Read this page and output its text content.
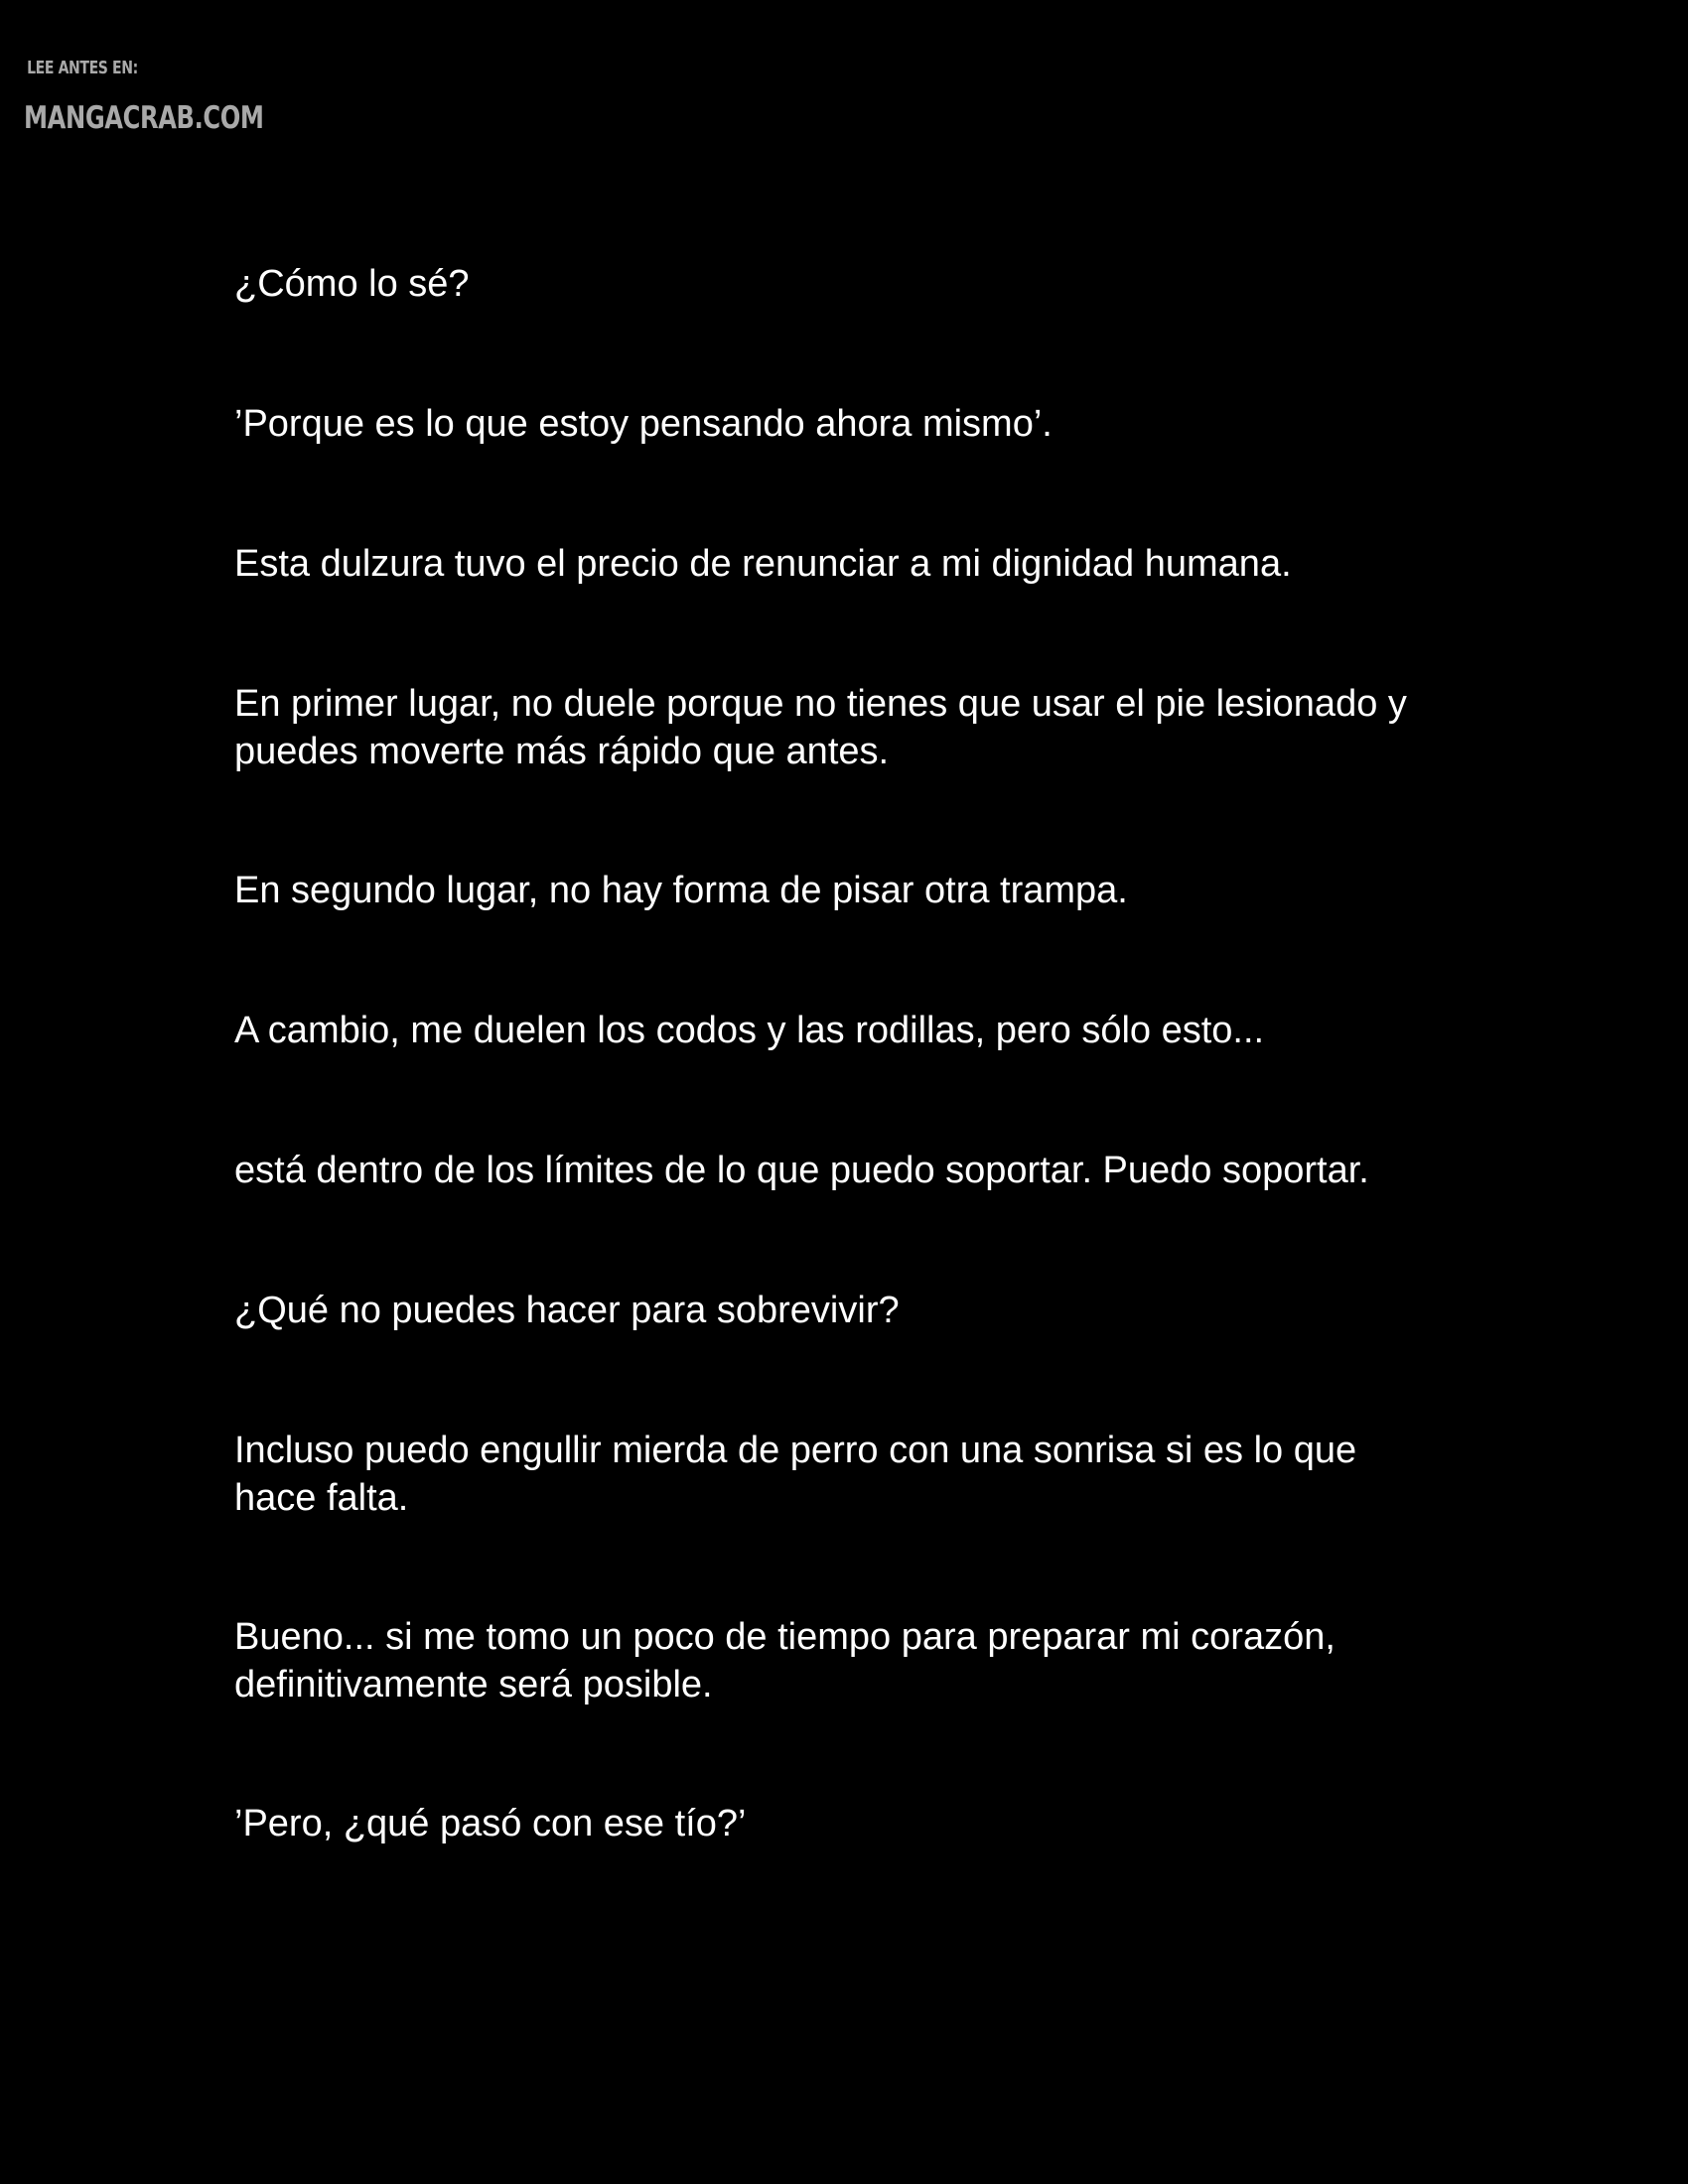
LEE ANTES EN:
MANGACRAB.COM

¿Cómo lo sé?

’Porque es lo que estoy pensando ahora mismo’.

Esta dulzura tuvo el precio de renunciar a mi dignidad humana.

En primer lugar, no duele porque no tienes que usar el pie lesionado y puedes moverte más rápido que antes.

En segundo lugar, no hay forma de pisar otra trampa.

A cambio, me duelen los codos y las rodillas, pero sólo esto...

está dentro de los límites de lo que puedo soportar. Puedo soportar.

¿Qué no puedes hacer para sobrevivir?

Incluso puedo engullir mierda de perro con una sonrisa si es lo que hace falta.

Bueno... si me tomo un poco de tiempo para preparar mi corazón, definitivamente será posible.

’Pero, ¿qué pasó con ese tío?’
